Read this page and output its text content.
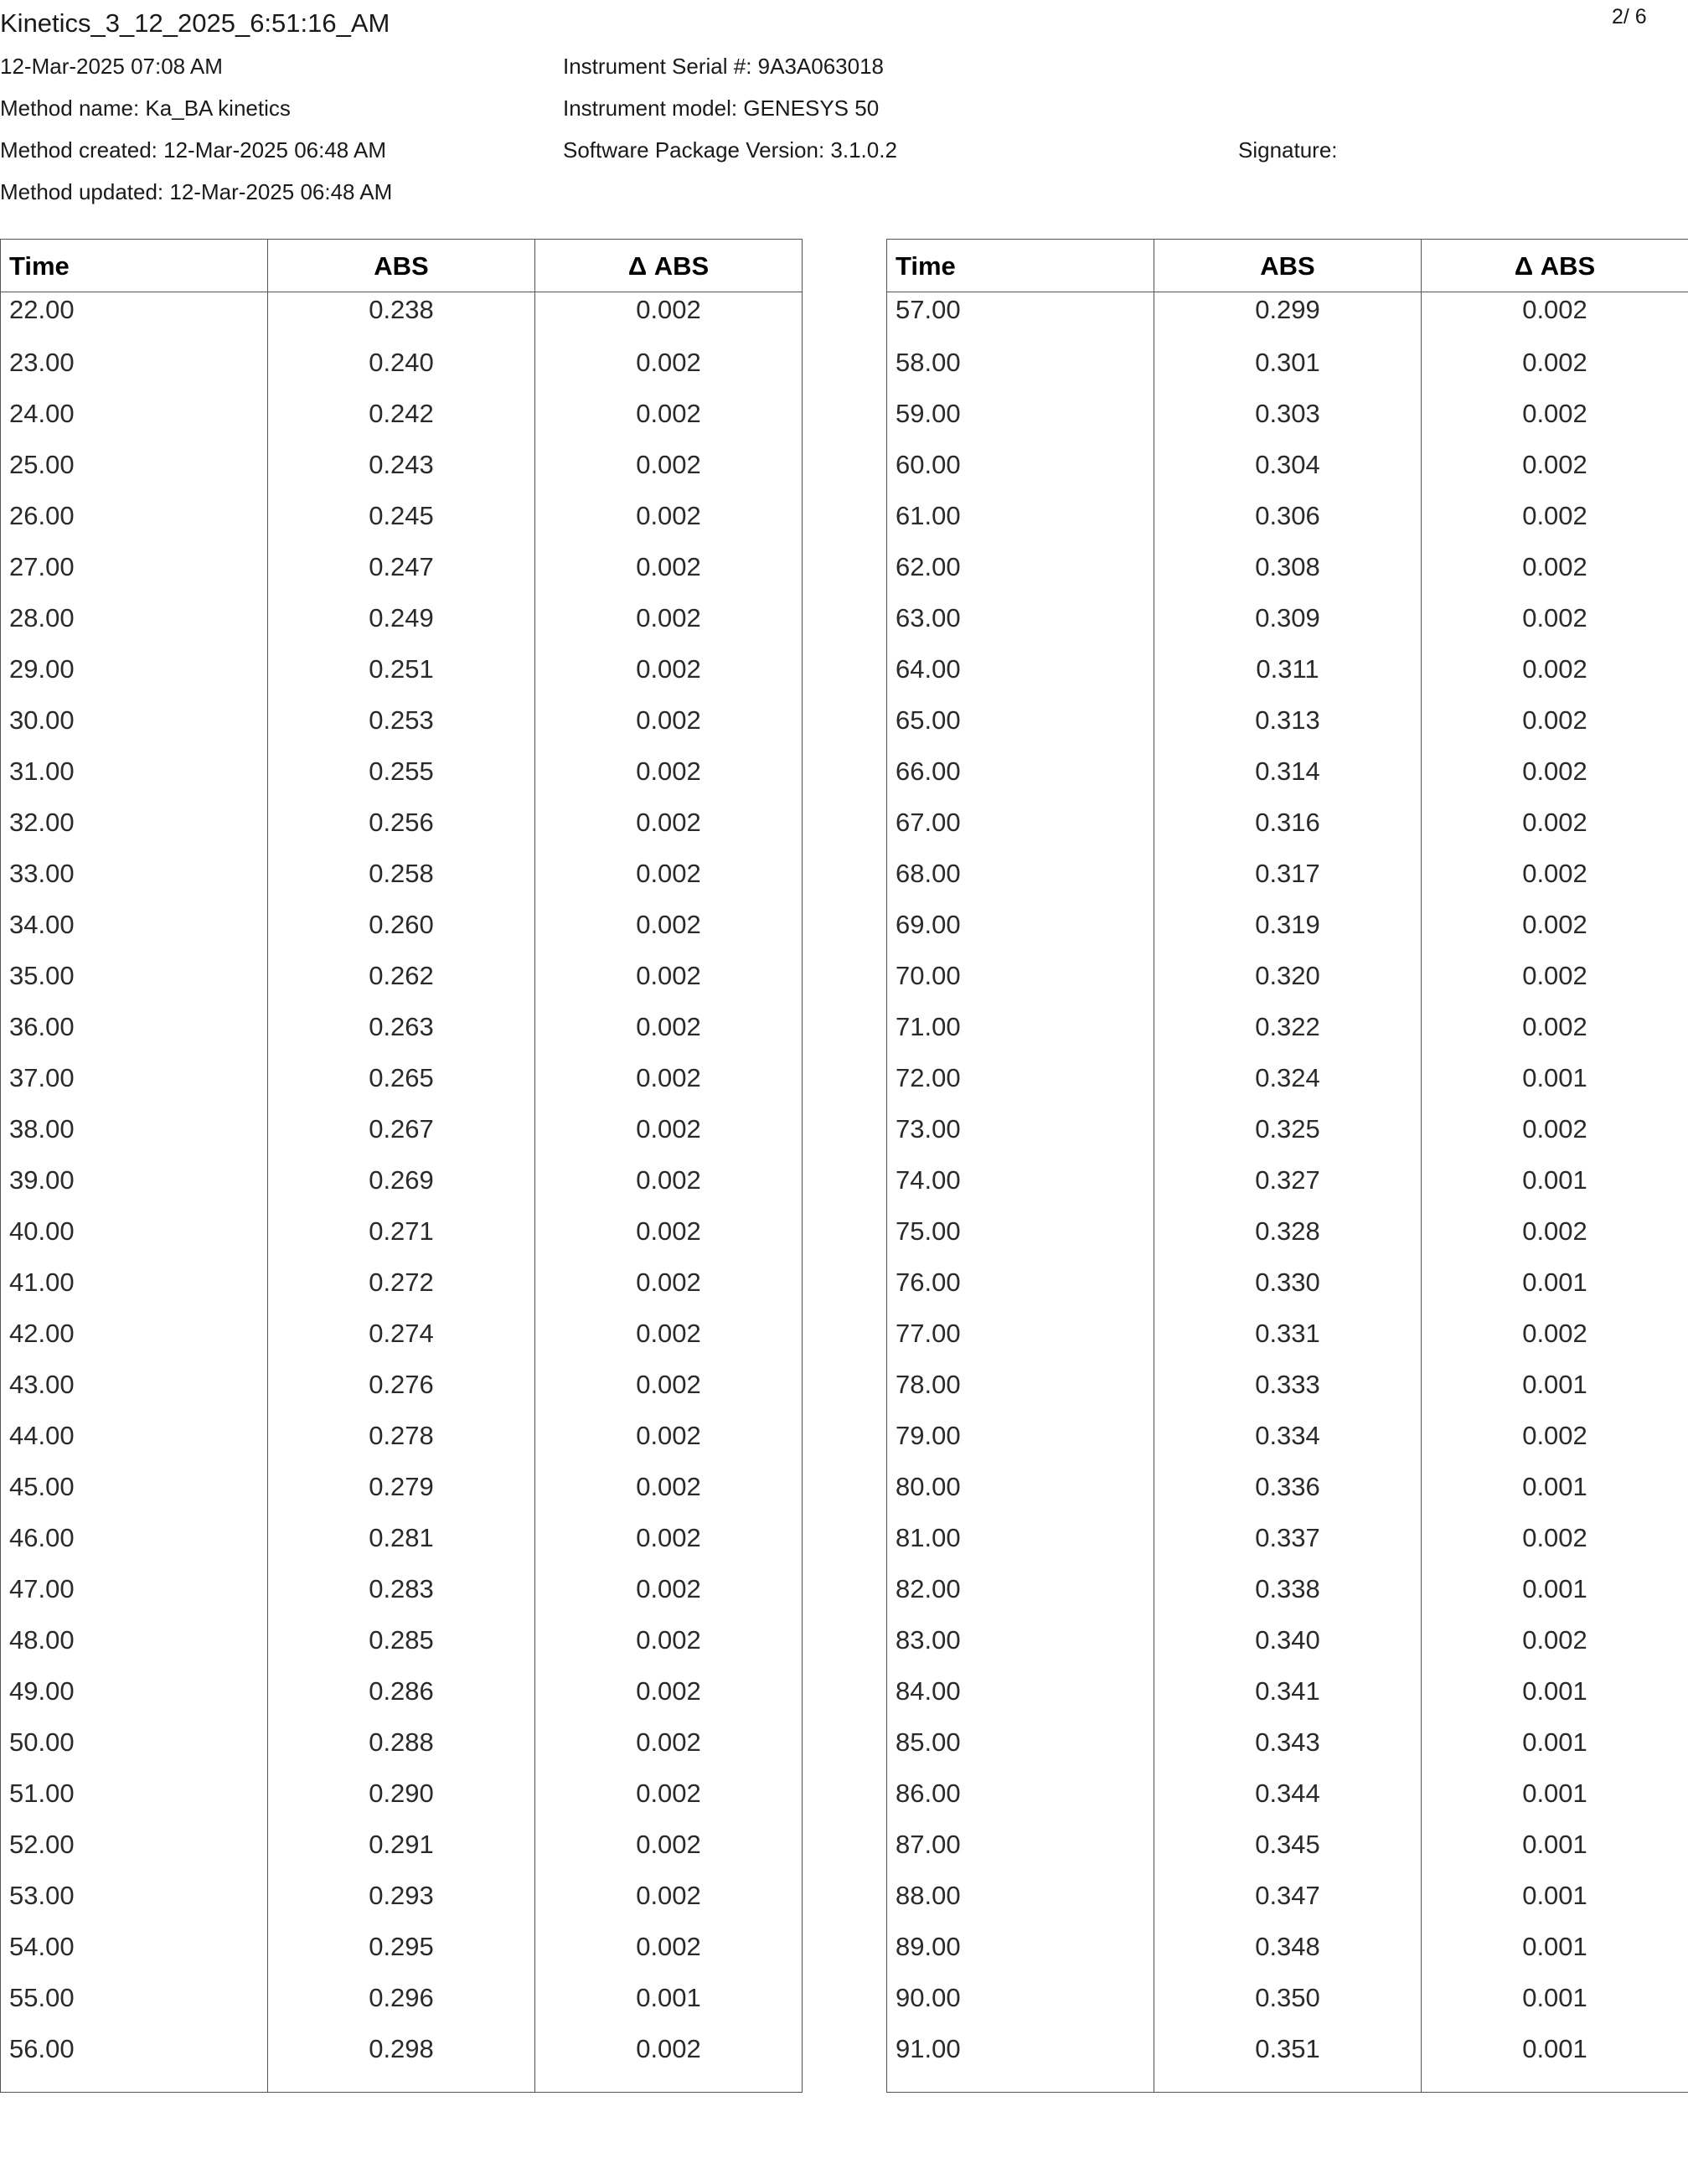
Kinetics_3_12_2025_6:51:16_AM	2/ 6
12-Mar-2025 07:08 AM
Method name: Ka_BA kinetics
Method created: 12-Mar-2025 06:48 AM
Method updated: 12-Mar-2025 06:48 AM
Instrument Serial #: 9A3A063018
Instrument model: GENESYS 50
Software Package Version: 3.1.0.2	Signature:
Time	ABS	Δ ABS
22.00	0.238	0.002
23.00	0.240	0.002
24.00	0.242	0.002
25.00	0.243	0.002
26.00	0.245	0.002
27.00	0.247	0.002
28.00	0.249	0.002
29.00	0.251	0.002
30.00	0.253	0.002
31.00	0.255	0.002
32.00	0.256	0.002
33.00	0.258	0.002
34.00	0.260	0.002
35.00	0.262	0.002
36.00	0.263	0.002
37.00	0.265	0.002
38.00	0.267	0.002
39.00	0.269	0.002
40.00	0.271	0.002
41.00	0.272	0.002
42.00	0.274	0.002
43.00	0.276	0.002
44.00	0.278	0.002
45.00	0.279	0.002
46.00	0.281	0.002
47.00	0.283	0.002
48.00	0.285	0.002
49.00	0.286	0.002
50.00	0.288	0.002
51.00	0.290	0.002
52.00	0.291	0.002
53.00	0.293	0.002
54.00	0.295	0.002
55.00	0.296	0.001
56.00	0.298	0.002
Time	ABS	Δ ABS
57.00	0.299	0.002
58.00	0.301	0.002
59.00	0.303	0.002
60.00	0.304	0.002
61.00	0.306	0.002
62.00	0.308	0.002
63.00	0.309	0.002
64.00	0.311	0.002
65.00	0.313	0.002
66.00	0.314	0.002
67.00	0.316	0.002
68.00	0.317	0.002
69.00	0.319	0.002
70.00	0.320	0.002
71.00	0.322	0.002
72.00	0.324	0.001
73.00	0.325	0.002
74.00	0.327	0.001
75.00	0.328	0.002
76.00	0.330	0.001
77.00	0.331	0.002
78.00	0.333	0.001
79.00	0.334	0.002
80.00	0.336	0.001
81.00	0.337	0.002
82.00	0.338	0.001
83.00	0.340	0.002
84.00	0.341	0.001
85.00	0.343	0.001
86.00	0.344	0.001
87.00	0.345	0.001
88.00	0.347	0.001
89.00	0.348	0.001
90.00	0.350	0.001
91.00	0.351	0.001
